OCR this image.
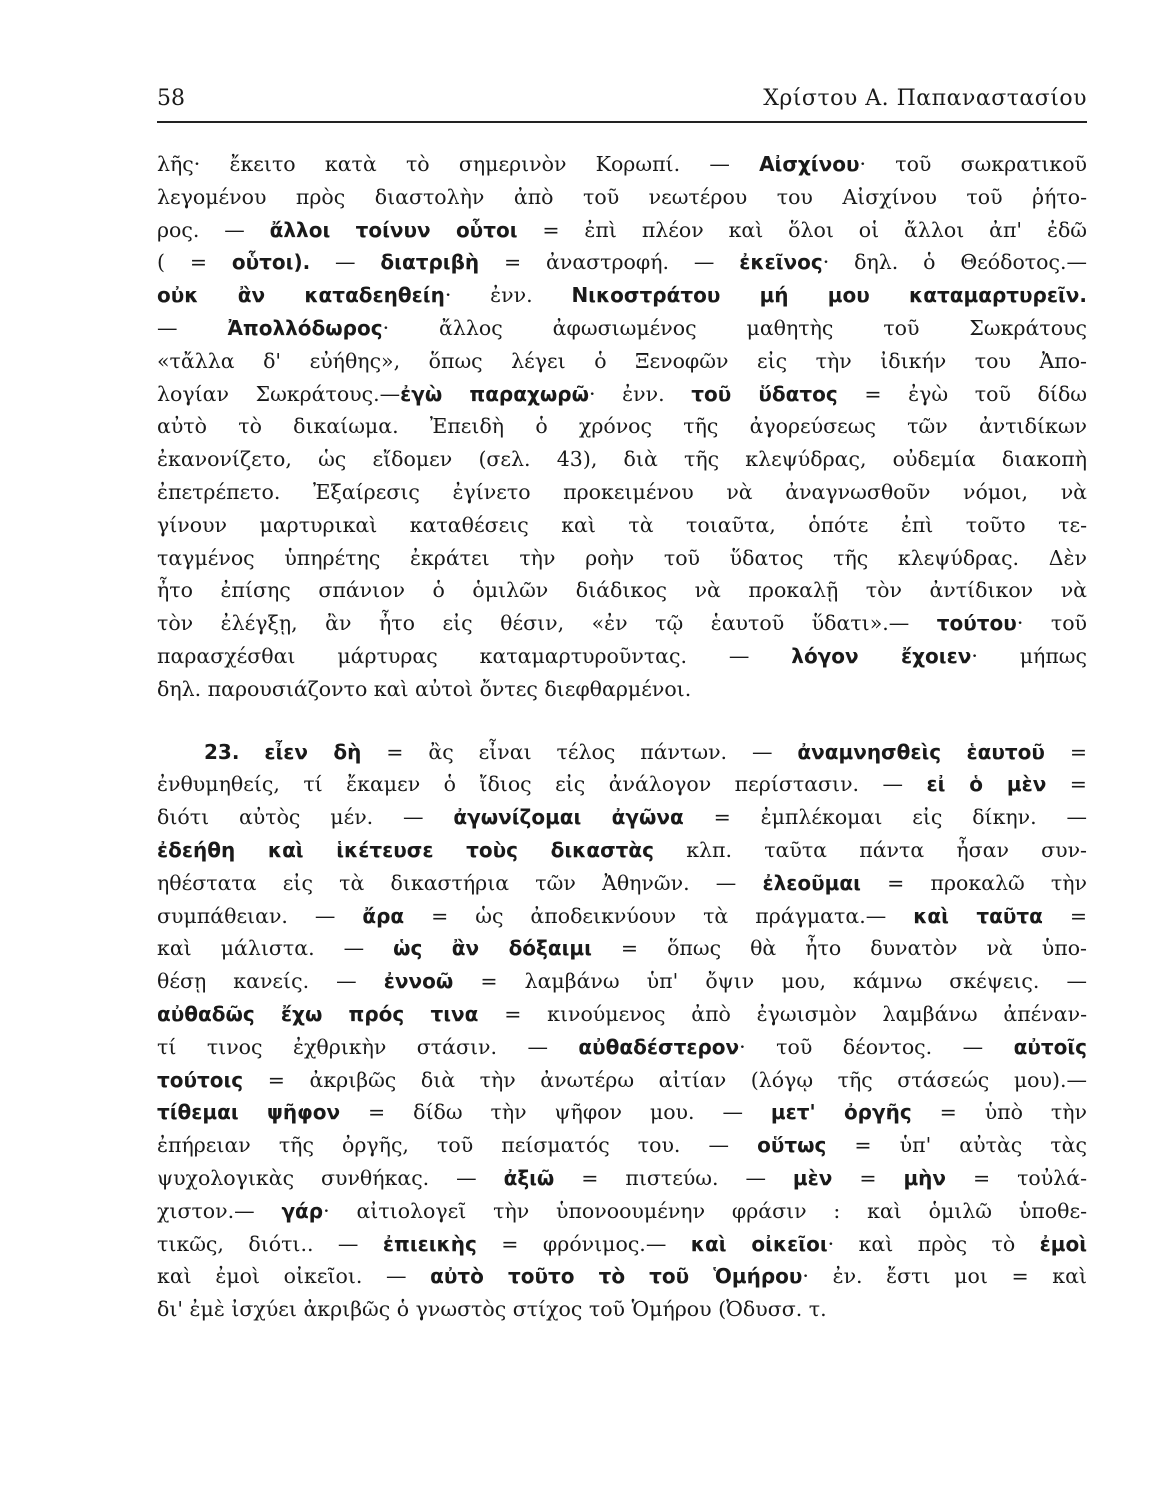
58	Χρίστου Α. Παπαναστασίου
λῆς· ἔκειτο κατὰ τὸ σημερινὸν Κορωπί. — Αἰσχίνου· τοῦ σωκρατικοῦ
λεγομένου πρὸς διαστολὴν ἀπὸ τοῦ νεωτέρου του Αἰσχίνου τοῦ ῥήτο-
ρος. — ἄλλοι τοίνυν οὗτοι = ἐπὶ πλέον καὶ ὅλοι οἱ ἄλλοι ἀπ' ἐδῶ
( = οὗτοι). — διατριβὴ = ἀναστροφή. — ἐκεῖνος· δηλ. ὁ Θεόδοτος.—
οὐκ ἂν καταδεηθείη· ἐνν. Νικοστράτου μή μου καταμαρτυρεῖν.
— Ἀπολλόδωρος· ἄλλος ἀφωσιωμένος μαθητὴς τοῦ Σωκράτους
«τἄλλα δ' εὐήθης», ὅπως λέγει ὁ Ξενοφῶν εἰς τὴν ἰδικήν του Ἀπο-
λογίαν Σωκράτους.—ἐγὼ παραχωρῶ· ἐνν. τοῦ ὕδατος = ἐγὼ τοῦ δίδω
αὐτὸ τὸ δικαίωμα. Ἐπειδὴ ὁ χρόνος τῆς ἀγορεύσεως τῶν ἀντιδίκων
ἐκανονίζετο, ὡς εἴδομεν (σελ. 43), διὰ τῆς κλεψύδρας, οὐδεμία διακοπὴ
ἐπετρέπετο. Ἐξαίρεσις ἐγίνετο προκειμένου νὰ ἀναγνωσθοῦν νόμοι, νὰ
γίνουν μαρτυρικαὶ καταθέσεις καὶ τὰ τοιαῦτα, ὁπότε ἐπὶ τοῦτο τε-
ταγμένος ὑπηρέτης ἐκράτει τὴν ροὴν τοῦ ὕδατος τῆς κλεψύδρας. Δὲν
ἦτο ἐπίσης σπάνιον ὁ ὁμιλῶν διάδικος νὰ προκαλῇ τὸν ἀντίδικον νὰ
τὸν ἐλέγξῃ, ἂν ἦτο εἰς θέσιν, «ἐν τῷ ἑαυτοῦ ὕδατι».— τούτου· τοῦ
παρασχέσθαι μάρτυρας καταμαρτυροῦντας. — λόγον ἔχοιεν· μήπως
δηλ. παρουσιάζοντο καὶ αὐτοὶ ὄντες διεφθαρμένοι.
23. εἶεν δὴ = ἂς εἶναι τέλος πάντων. — ἀναμνησθεὶς ἑαυτοῦ =
ἐνθυμηθείς, τί ἔκαμεν ὁ ἴδιος εἰς ἀνάλογον περίστασιν. — εἰ ὁ μὲν =
διότι αὐτὸς μέν. — ἀγωνίζομαι ἀγῶνα = ἐμπλέκομαι εἰς δίκην. —
ἐδεήθη καὶ ἱκέτευσε τοὺς δικαστὰς κλπ. ταῦτα πάντα ἦσαν συν-
ηθέστατα εἰς τὰ δικαστήρια τῶν Ἀθηνῶν. — ἐλεοῦμαι = προκαλῶ τὴν
συμπάθειαν. — ἄρα = ὡς ἀποδεικνύουν τὰ πράγματα.— καὶ ταῦτα =
καὶ μάλιστα. — ὡς ἂν δόξαιμι = ὅπως θὰ ἦτο δυνατὸν νὰ ὑπο-
θέσῃ κανείς. — ἐννοῶ = λαμβάνω ὑπ' ὄψιν μου, κάμνω σκέψεις. —
αὐθαδῶς ἔχω πρός τινα = κινούμενος ἀπὸ ἐγωισμὸν λαμβάνω ἀπέναν-
τί τινος ἐχθρικὴν στάσιν. — αὐθαδέστερον· τοῦ δέοντος. — αὐτοῖς
τούτοις = ἀκριβῶς διὰ τὴν ἀνωτέρω αἰτίαν (λόγῳ τῆς στάσεώς μου).—
τίθεμαι ψῆφον = δίδω τὴν ψῆφον μου. — μετ' ὀργῆς = ὑπὸ τὴν
ἐπήρειαν τῆς ὀργῆς, τοῦ πείσματός του. — οὕτως = ὑπ' αὐτὰς τὰς
ψυχολογικὰς συνθήκας. — ἀξιῶ = πιστεύω. — μὲν = μὴν = τοὐλά-
χιστον.— γάρ· αἰτιολογεῖ τὴν ὑπονοουμένην φράσιν : καὶ ὁμιλῶ ὑποθε-
τικῶς, διότι.. — ἐπιεικὴς = φρόνιμος.— καὶ οἰκεῖοι· καὶ πρὸς τὸ ἐμοὶ
καὶ ἐμοὶ οἰκεῖοι. — αὐτὸ τοῦτο τὸ τοῦ Ὁμήρου· ἐν. ἔστι μοι = καὶ
δι' ἐμὲ ἰσχύει ἀκριβῶς ὁ γνωστὸς στίχος τοῦ Ὁμήρου (Ὀδυσσ. τ.
